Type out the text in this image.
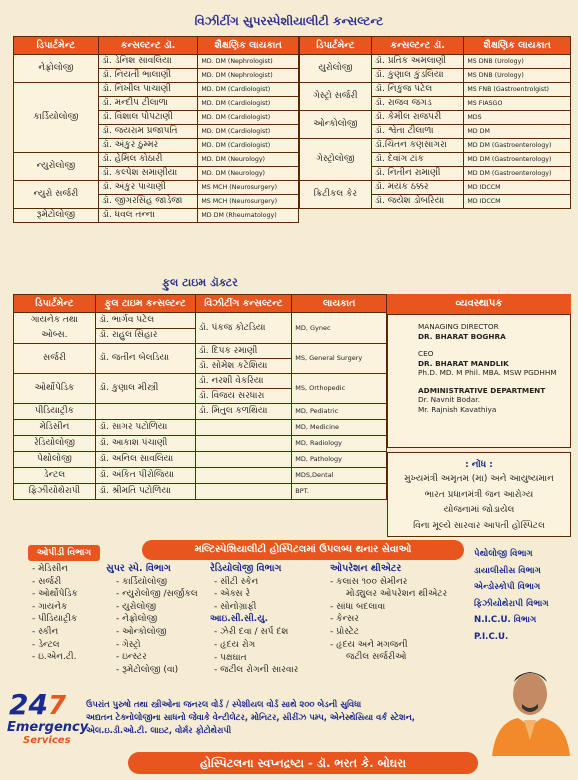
વિઝીટીંગ સુપરસ્પેશીયાલીટી કન્સલ્ટન્ટ
ડિપાર્ટમેન્ટ	કન્સલ્ટન્ટ ડૉ.	શૈક્ષણિક લાયકાત
નેફ્રોલોજી	ડૉ. ડેનિશ સાવલિયા	MD. DM (Nephrologist)
	ડૉ. નિયતી ભાલાણી	MD. DM (Nephrologist)
કાર્ડિયોલોજી	ડૉ. નિખીલ પાચાણી	MD. DM (Cardiologist)
	ડૉ. મન્દીપ ટીલાળા	MD. DM (Cardiologist)
	ડૉ. વિશાલ પોપટાણી	MD. DM (Cardiologist)
	ડૉ. જયરામ પ્રજાપતિ	MD. DM (Cardiologist)
	ડૉ. અંકુર ઠુમ્મર	MD. DM (Cardiologist)
ન્યુરોલોજી	ડૉ. હેમિલ કોઠારી	MD. DM (Neurology)
	ડૉ. કલ્પેશ સમાણીયા	MD. DM (Neurology)
ન્યુરો સર્જરી	ડૉ. અંકુર પાચાણી	MS MCH (Neurosurgery)
	ડૉ. જીગરસિંહ જાડેજા	MS MCH (Neurosurgery)
રૂમેટોલોજી	ડૉ. ધવલ તન્ના	MD DM (Rheumatology)
ડિપાર્ટમેન્ટ	કન્સલ્ટન્ટ ડૉ.	શૈક્ષણિક લાયકાત
યુરોલોજી	ડૉ. પ્રતિક અમલાણી	MS DNB (Urology)
	ડૉ. કુણાલ કુંડલિયા	MS DNB (Urology)
ગેસ્ટ્રો સર્જરી	ડૉ. નિકુંજ પટેલ	MS FNB (Gastroentrolgist)
	ડૉ. રાજવ જગડ	MS FIASGO
ઓન્કોલોજી	ડૉ. કેમીલ રાજપરી	MDS
	ડૉ. શ્વેતા ટીલાળા	MD DM
ગેસ્ટ્રોલોજી	ડૉ.ચિંતન કણસાગરા	MD DM (Gastroenterology)
	ડૉ. દેવાંગ ટાંક	MD DM (Gastroenterology)
	ડૉ. નિતીન રામાણી	MD DM (Gastroenterology)
ક્રિટીકલ કેર	ડૉ. મયંક ઠક્કર	MD IDCCM
	ડૉ. જયેશ ડોબરિયા	MD IDCCM
ફુલ ટાઇમ ડૉક્ટર
ડિપાર્ટમેન્ટ	ફુલ ટાઇમ કન્સલ્ટન્ટ	વિઝીટીંગ કન્સલ્ટન્ટ	લાયકાત
ગાયનેક તથા ઓબ્સ.	ડૉ. ભાર્ગવ પટેલ	ડૉ. પંકજ કોટડિયા	MD, Gynec
	ડૉ. રાહુલ સિંહાર		
સર્જરી	ડૉ. જતીન બેલડિયા	ડૉ. દિપક રમાણી	MS, General Surgery
		ડૉ. સોમેશ કટેશિયા	
ઓર્થોપેડિક	ડૉ. કુણાલ મીસ્ત્રી	ડૉ. નરશી વેકરિયા	MS, Orthopedic
		ડૉ. વિજય સરધારા	
પીડિયાટ્રીક		ડૉ. મિતુલ કળથિયા	MD, Pediatric
મેડિસીન	ડૉ. સાગર પટોળિયા		MD, Medicine
રેડિયોલોજી	ડૉ. આકાશ પંચાણી		MD, Radiology
પેથોલોજી	ડૉ. અનિલ સાવલિયા		MD, Pathology
ડેન્ટલ	ડૉ. અંકિત પીરોજિયા		MDS,Dental
ફિઝીયોથેરાપી	ડૉ. શ્રીમતિ પટોળિયા		BPT.
વ્યવસ્થાપક
MANAGING DIRECTOR
DR. BHARAT BOGHRA
CEO
DR. BHARAT MANDLIK
Ph.D. MD. M Phil. MBA. MSW PGDHHM
ADMINISTRATIVE DEPARTMENT
Dr. Navnit Bodar.
Mr. Rajnish Kavathiya

: નોંધ :

મુખ્યમંત્રી અમૃતમ (મા) અને આયુષ્યમાન

ભારત પ્રધાનમંત્રી જન આરોગ્ય

યોજનામાં જોડાયેલ

વિના મૂલ્યે સારવાર આપતી હોસ્પિટલ

મલ્ટિસ્પેશિયાલીટી હોસ્પિટલમાં ઉપલબ્ધ થનાર સેવાઓ
ઓપીડી વિભાગ
- મેડિસીન
- સર્જરી
- ઓર્થોપેડિક
- ગાયનેક
- પીડિયાટ્રીક
- સ્કીન
- ડેન્ટલ
- ઇ.એન.ટી.
સુપર સ્પે. વિભાગ
- કાર્ડિયોલોજી
- ન્યુરોલોજી /સર્જીકલ
- યુરોલોજી
- નેફ્રોલોજી
- ઓન્કોલોજી
- ગેસ્ટ્રો
- ઇન્સ્ટર
- રૂમેટોલોજી (વા)
રેડિયોલોજી વિભાગ
- સીટી સ્કેન
- એક્સ રે
- સોનોગ્રાફી
આઇ.સી.સી.યુ.
- ઝેરી દવા / સર્પ દંશ
- હૃદય રોગ
- પક્ષઘાત
- જટીલ રોગની સારવાર
ઓપરેશન થીએટર
- કલાસ ૧૦૦ સેમીનર
મોડ્યુલર ઓપરેશન થીએટર
- સાંધા બદલાવા
- કેન્સર
- પ્રોસ્ટેટ
- હૃદય અને મગજની
જટીલ સર્જરીઓ
પેથોલોજી વિભાગ
ડાયાલીસીસ વિભાગ
એન્ડોસ્કોપી વિભાગ
ફિઝીયોથેરાપી વિભાગ
N.I.C.U. વિભાગ
P.I.C.U.
247
Emergency
Services
ઉપરાંત પુરુષો તથા સ્ત્રીઓના જનરલ વોર્ડ / સ્પેશીયલ વોર્ડ સાથે ૨૦૦ બેડની સુવિધા
અદ્યતન ટેક્નોલોજીના સાધનો જેવાકે વેન્ટીલેટર, મોનિટર, સીરીંઝ પમ્પ, એનેસ્થેસિયા વર્ક સ્ટેશન,
એલ.ઇ.ડી.ઓ.ટી. લાઇટ, વોર્મર ફોટોથેરાપી
હોસ્પિટલના સ્વપ્નદ્રષ્ટા - ડૉ. ભરત કે. બોઘરા
